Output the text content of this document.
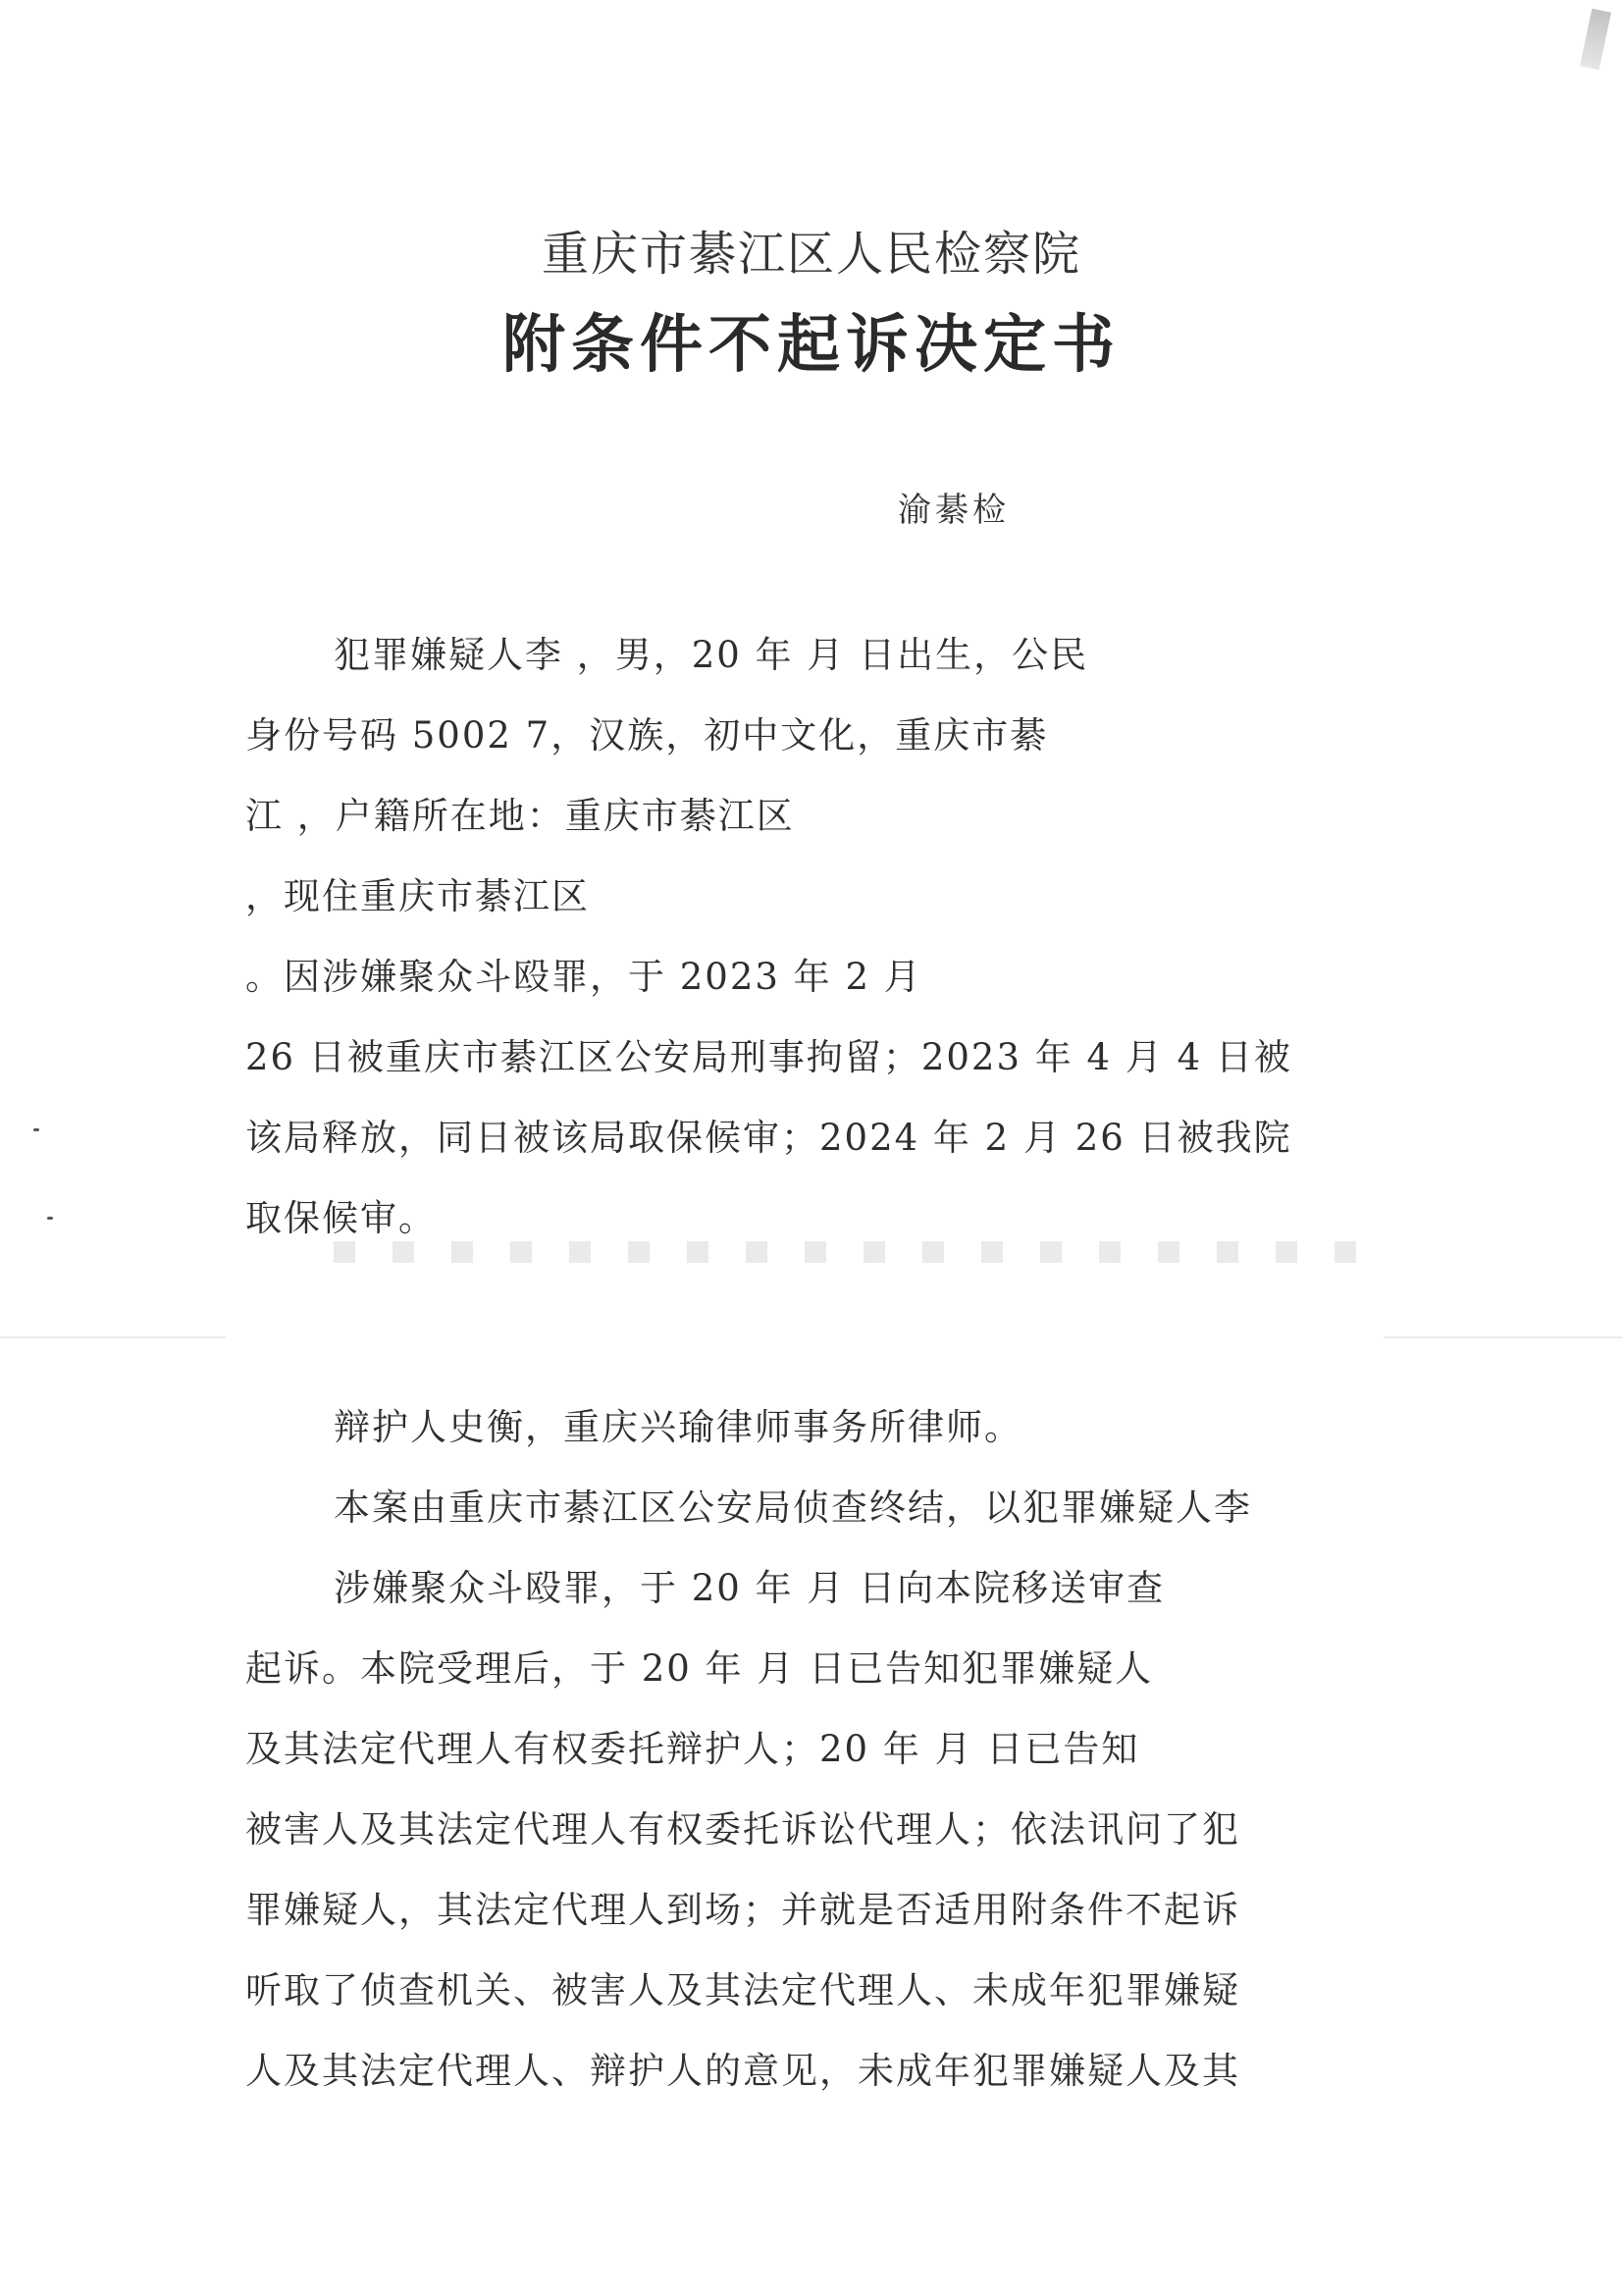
重庆市綦江区人民检察院
附条件不起诉决定书
渝綦检
犯罪嫌疑人李 ，男，20 年 月 日出生，公民
身份号码 5002 7，汉族，初中文化，重庆市綦
江 ，户籍所在地：重庆市綦江区
，现住重庆市綦江区
。因涉嫌聚众斗殴罪，于 2023 年 2 月
26 日被重庆市綦江区公安局刑事拘留；2023 年 4 月 4 日被
该局释放，同日被该局取保候审；2024 年 2 月 26 日被我院
取保候审。
辩护人史衡，重庆兴瑜律师事务所律师。
本案由重庆市綦江区公安局侦查终结，以犯罪嫌疑人李
涉嫌聚众斗殴罪，于 20 年 月 日向本院移送审查
起诉。本院受理后，于 20 年 月 日已告知犯罪嫌疑人
及其法定代理人有权委托辩护人；20 年 月 日已告知
被害人及其法定代理人有权委托诉讼代理人；依法讯问了犯
罪嫌疑人，其法定代理人到场；并就是否适用附条件不起诉
听取了侦查机关、被害人及其法定代理人、未成年犯罪嫌疑
人及其法定代理人、辩护人的意见，未成年犯罪嫌疑人及其
